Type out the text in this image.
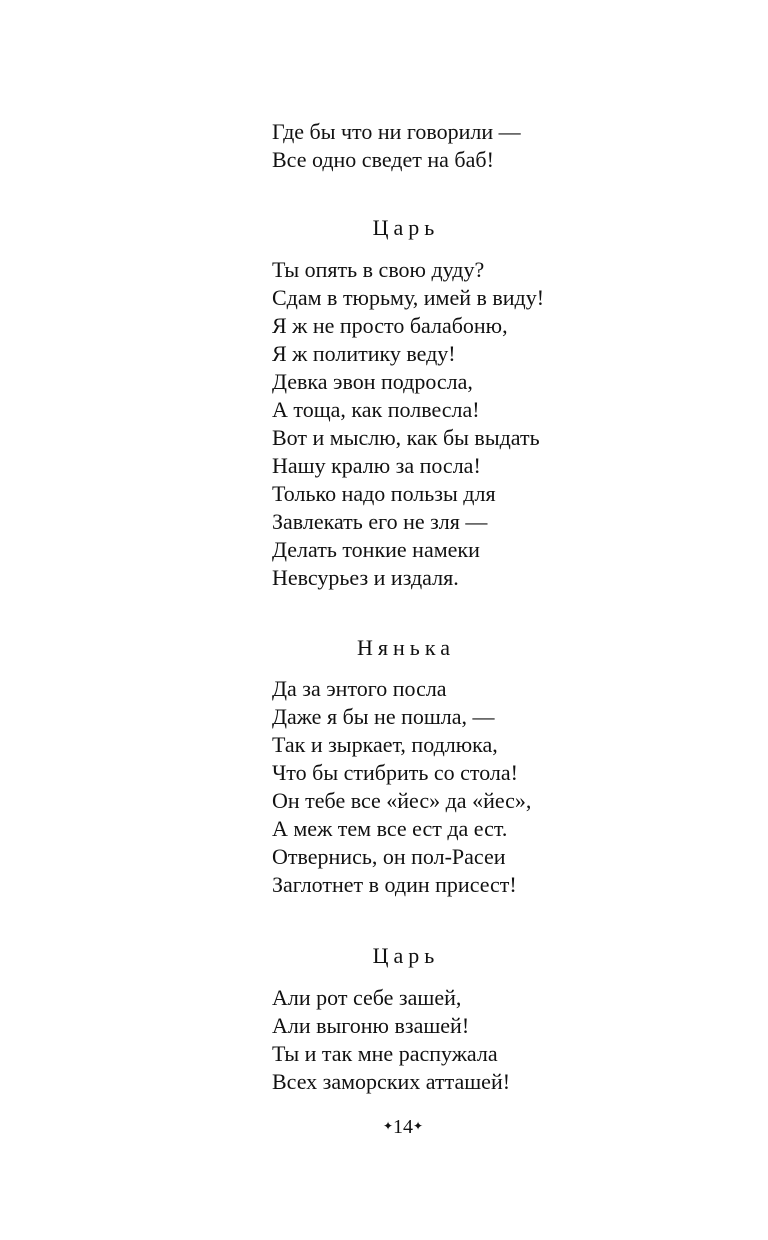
Где бы что ни говорили —
Все одно сведет на баб!
Царь
Ты опять в свою дуду?
Сдам в тюрьму, имей в виду!
Я ж не просто балабоню,
Я ж политику веду!
Девка эвон подросла,
А тоща, как полвесла!
Вот и мыслю, как бы выдать
Нашу кралю за посла!
Только надо пользы для
Завлекать его не зля —
Делать тонкие намеки
Невсурьез и издаля.
Нянька
Да за энтого посла
Даже я бы не пошла, —
Так и зыркает, подлюка,
Что бы стибрить со стола!
Он тебе все «йес» да «йес»,
А меж тем все ест да ест.
Отвернись, он пол-Расеи
Заглотнет в один присест!
Царь
Али рот себе зашей,
Али выгоню взашей!
Ты и так мне распужала
Всех заморских атташей!
✦14✦
